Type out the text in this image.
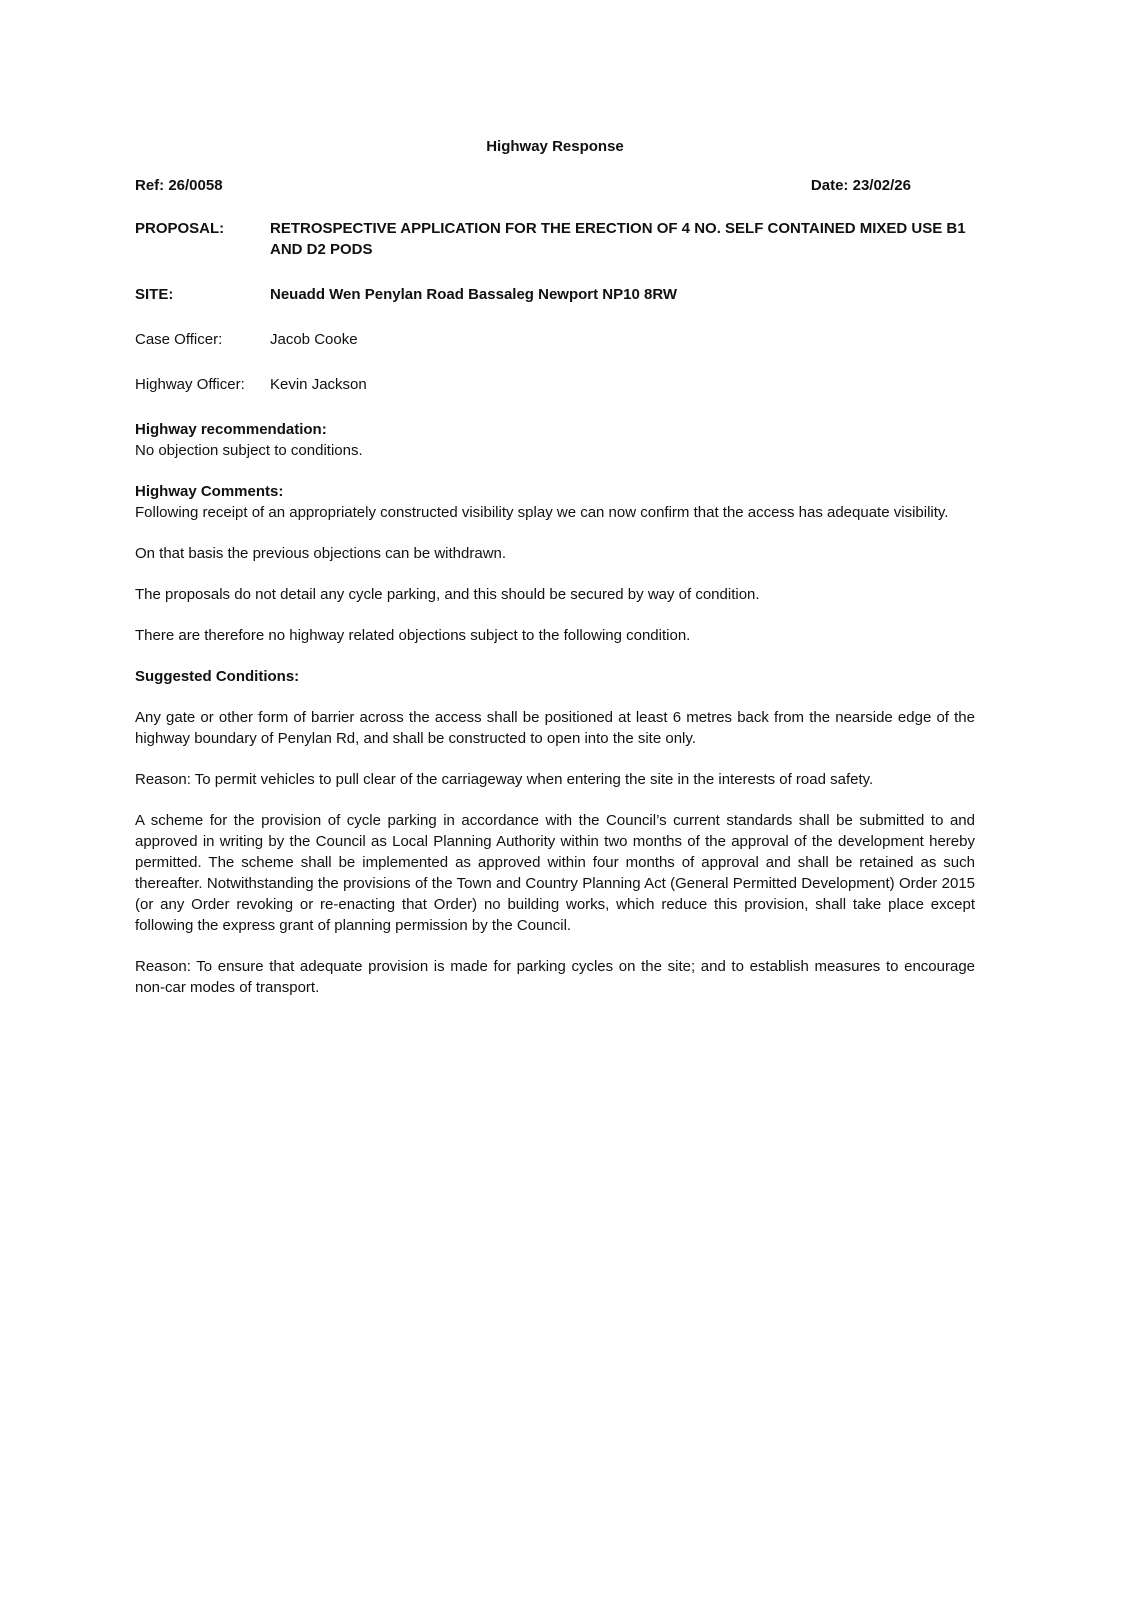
Highway Response
Ref: 26/0058	Date: 23/02/26
PROPOSAL:	RETROSPECTIVE APPLICATION FOR THE ERECTION OF 4 NO. SELF CONTAINED MIXED USE B1 AND D2 PODS
SITE:	Neuadd Wen Penylan Road Bassaleg Newport NP10 8RW
Case Officer:	Jacob Cooke
Highway Officer:	Kevin Jackson
Highway recommendation:

No objection subject to conditions.

Highway Comments:

Following receipt of an appropriately constructed visibility splay we can now confirm that the access has adequate visibility.

On that basis the previous objections can be withdrawn.

The proposals do not detail any cycle parking, and this should be secured by way of condition.

There are therefore no highway related objections subject to the following condition.

Suggested Conditions:

Any gate or other form of barrier across the access shall be positioned at least 6 metres back from the nearside edge of the highway boundary of Penylan Rd, and shall be constructed to open into the site only.

Reason: To permit vehicles to pull clear of the carriageway when entering the site in the interests of road safety.

A scheme for the provision of cycle parking in accordance with the Council’s current standards shall be submitted to and approved in writing by the Council as Local Planning Authority within two months of the approval of the development hereby permitted. The scheme shall be implemented as approved within four months of approval and shall be retained as such thereafter. Notwithstanding the provisions of the Town and Country Planning Act (General Permitted Development) Order 2015 (or any Order revoking or re-enacting that Order) no building works, which reduce this provision, shall take place except following the express grant of planning permission by the Council.

Reason: To ensure that adequate provision is made for parking cycles on the site; and to establish measures to encourage non-car modes of transport.
